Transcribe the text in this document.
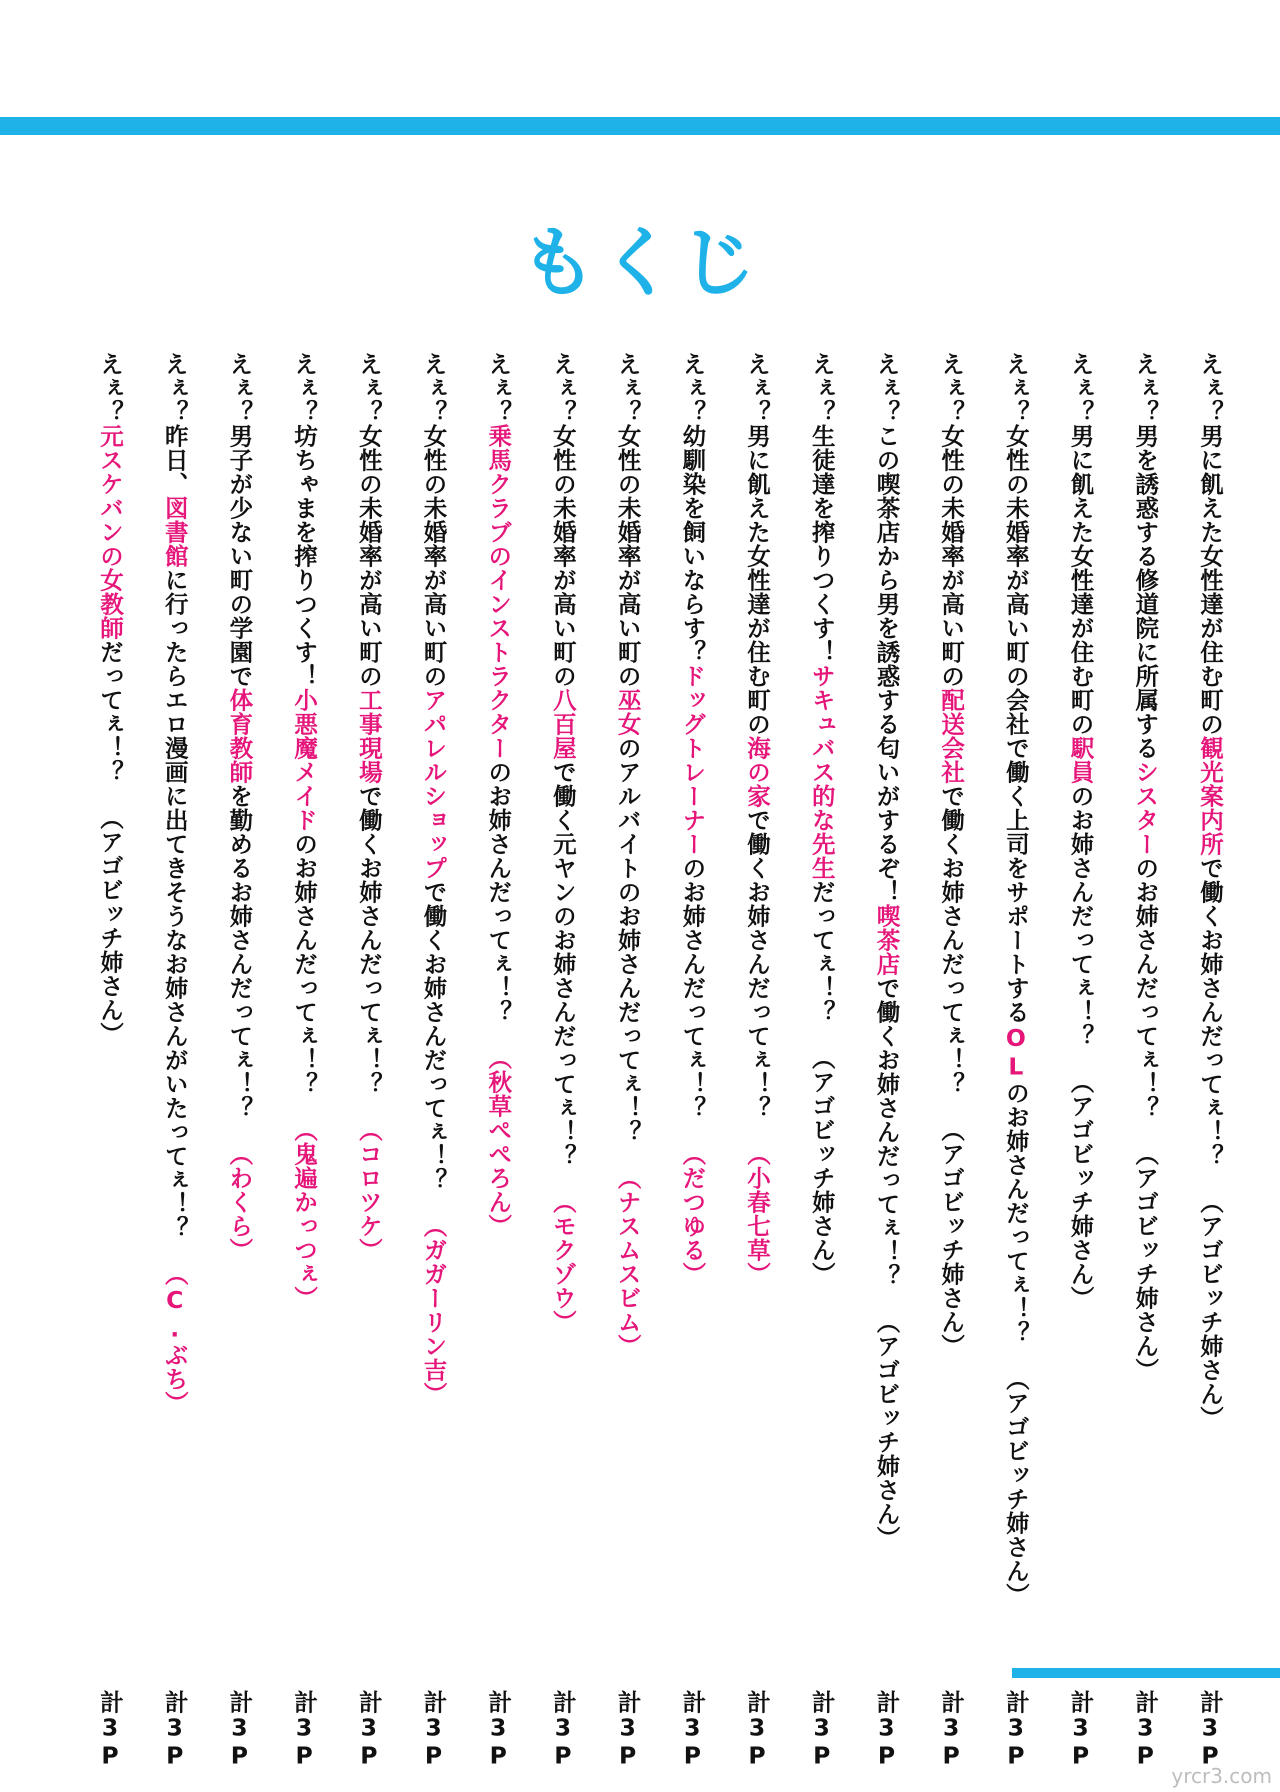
もくじ
えぇ？男に飢えた女性達が住む町の観光案内所で働くお姉さんだってぇ！？（アゴビッチ姉さん）
えぇ？男を誘惑する修道院に所属するシスターのお姉さんだってぇ！？（アゴビッチ姉さん）
えぇ？男に飢えた女性達が住む町の駅員のお姉さんだってぇ！？（アゴビッチ姉さん）
えぇ？女性の未婚率が高い町の会社で働く上司をサポートするOLのお姉さんだってぇ！？（アゴビッチ姉さん）
えぇ？女性の未婚率が高い町の配送会社で働くお姉さんだってぇ！？（アゴビッチ姉さん）
えぇ？この喫茶店から男を誘惑する匂いがするぞ！喫茶店で働くお姉さんだってぇ！？（アゴビッチ姉さん）
えぇ？生徒達を搾りつくす！サキュバス的な先生だってぇ！？（アゴビッチ姉さん）
えぇ？男に飢えた女性達が住む町の海の家で働くお姉さんだってぇ！？（小春七草）
えぇ？幼馴染を飼いならす？ドッグトレーナーのお姉さんだってぇ！？（だつゆる）
えぇ？女性の未婚率が高い町の巫女のアルバイトのお姉さんだってぇ！？（ナスムスビム）
えぇ？女性の未婚率が高い町の八百屋で働く元ヤンのお姉さんだってぇ！？（モクゾウ）
えぇ？乗馬クラブのインストラクターのお姉さんだってぇ！？（秋草ぺぺろん）
えぇ？女性の未婚率が高い町のアパレルショップで働くお姉さんだってぇ！？（ガガーリン吉）
えぇ？女性の未婚率が高い町の工事現場で働くお姉さんだってぇ！？（コロツケ）
えぇ？坊ちゃまを搾りつくす！小悪魔メイドのお姉さんだってぇ！？（鬼遍かっつぇ）
えぇ？男子が少ない町の学園で体育教師を勤めるお姉さんだってぇ！？（わくら）
えぇ？昨日、図書館に行ったらエロ漫画に出てきそうなお姉さんがいたってぇ！？（C.ぶち）
えぇ？元スケバンの女教師だってぇ！？（アゴビッチ姉さん）
計3P
計3P
計3P
計3P
計3P
計3P
計3P
計3P
計3P
計3P
計3P
計3P
計3P
計3P
計3P
計3P
計3P
計3P
yrcr3.com
